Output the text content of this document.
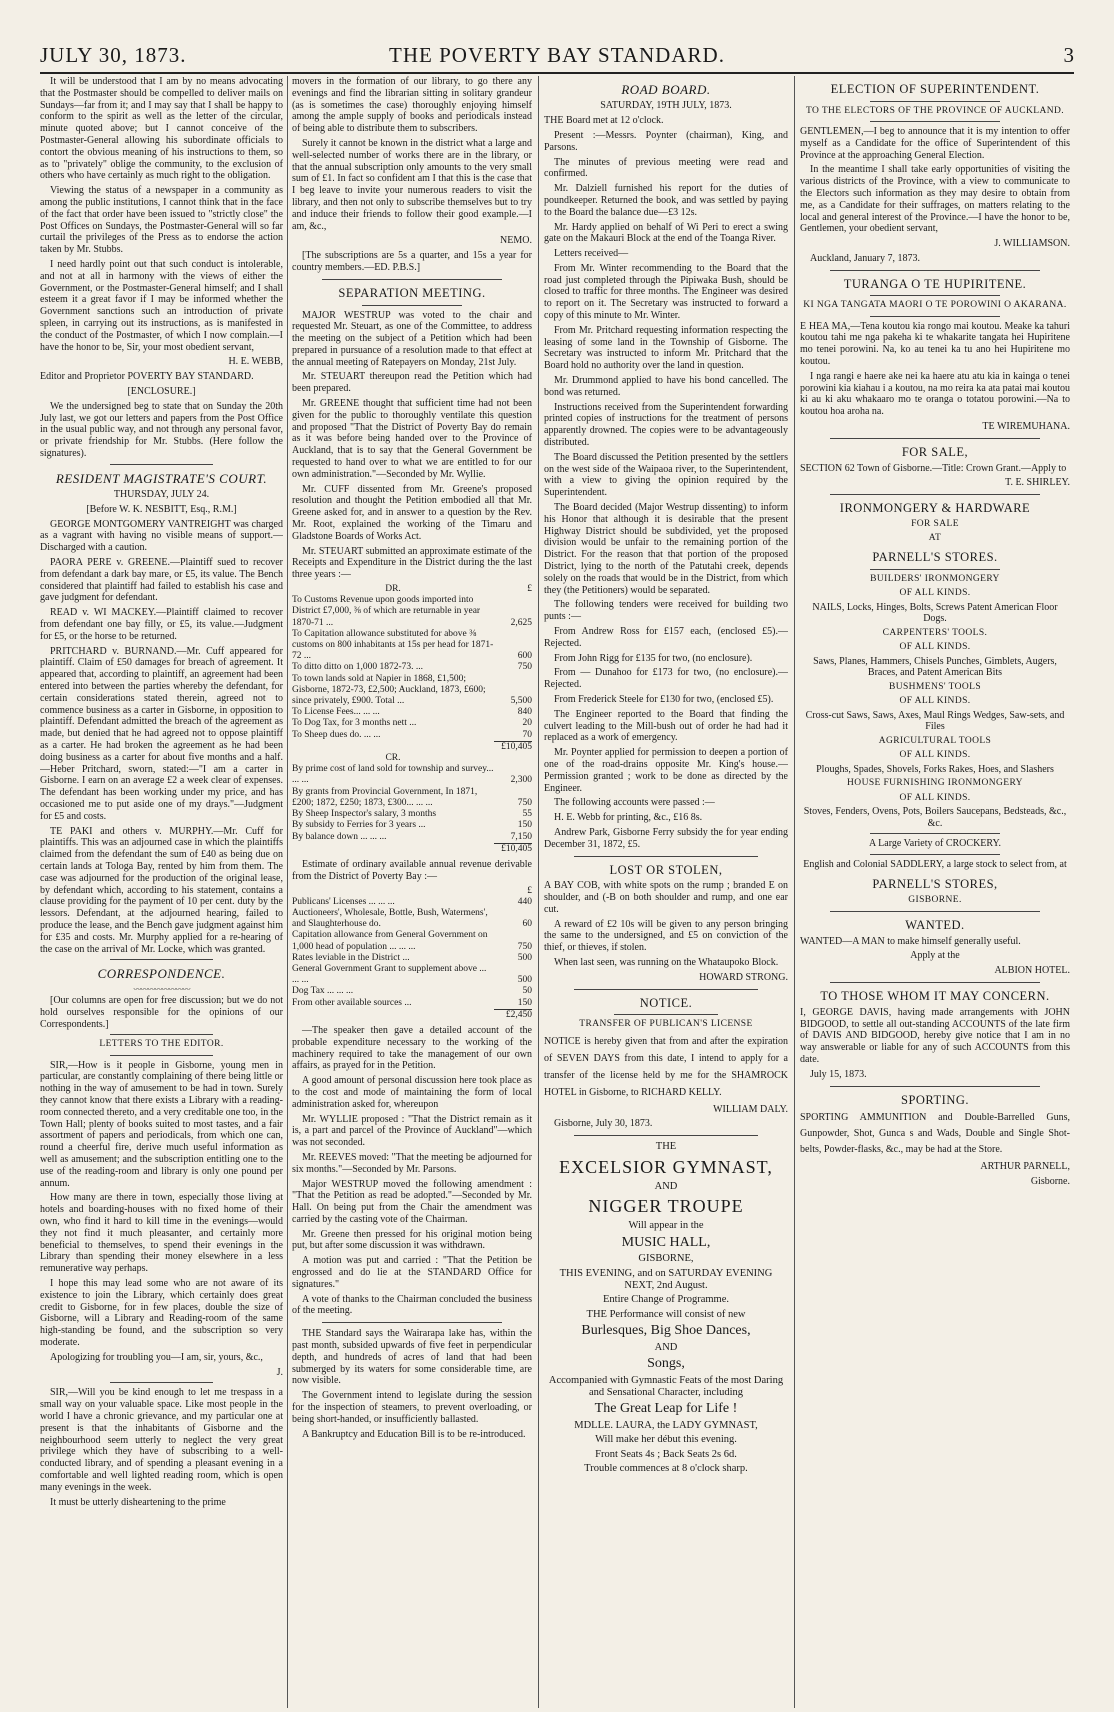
JULY 30, 1873.	THE POVERTY BAY STANDARD.	3

It will be understood that I am by no means advocating that the Postmaster should be compelled to deliver mails on Sundays—far from it; and I may say that I shall be happy to conform to the spirit as well as the letter of the circular, minute quoted above; but I cannot conceive of the Postmaster-General allowing his subordinate officials to contort the obvious meaning of his instructions to them, so as to "privately" oblige the community, to the exclusion of others who have certainly as much right to the obligation.

Viewing the status of a newspaper in a community as among the public institutions, I cannot think that in the face of the fact that order have been issued to "strictly close" the Post Offices on Sundays, the Postmaster-General will so far curtail the privileges of the Press as to endorse the action taken by Mr. Stubbs.

I need hardly point out that such conduct is intolerable, and not at all in harmony with the views of either the Government, or the Postmaster-General himself; and I shall esteem it a great favor if I may be informed whether the Government sanctions such an introduction of private spleen, in carrying out its instructions, as is manifested in the conduct of the Postmaster, of which I now complain.—I have the honor to be, Sir, your most obedient servant,

H. E. WEBB,

Editor and Proprietor POVERTY BAY STANDARD.

[ENCLOSURE.]

We the undersigned beg to state that on Sunday the 20th July last, we got our letters and papers from the Post Office in the usual public way, and not through any personal favor, or private friendship for Mr. Stubbs. (Here follow the signatures).

RESIDENT MAGISTRATE'S COURT.

THURSDAY, JULY 24.

[Before W. K. NESBITT, Esq., R.M.]

GEORGE MONTGOMERY VANTREIGHT was charged as a vagrant with having no visible means of support.—Discharged with a caution.

PAORA PERE v. GREENE.—Plaintiff sued to recover from defendant a dark bay mare, or £5, its value. The Bench considered that plaintiff had failed to establish his case and gave judgment for defendant.

READ v. WI MACKEY.—Plaintiff claimed to recover from defendant one bay filly, or £5, its value.—Judgment for £5, or the horse to be returned.

PRITCHARD v. BURNAND.—Mr. Cuff appeared for plaintiff. Claim of £50 damages for breach of agreement. It appeared that, according to plaintiff, an agreement had been entered into between the parties whereby the defendant, for certain considerations stated therein, agreed not to commence business as a carter in Gisborne, in opposition to plaintiff. Defendant admitted the breach of the agreement as made, but denied that he had agreed not to oppose plaintiff as a carter. He had broken the agreement as he had been doing business as a carter for about five months and a half.—Heber Pritchard, sworn, stated:—"I am a carter in Gisborne. I earn on an average £2 a week clear of expenses. The defendant has been working under my price, and has occasioned me to put aside one of my drays."—Judgment for £5 and costs.

TE PAKI and others v. MURPHY.—Mr. Cuff for plaintiffs. This was an adjourned case in which the plaintiffs claimed from the defendant the sum of £40 as being due on certain lands at Tologa Bay, rented by him from them. The case was adjourned for the production of the original lease, by defendant which, according to his statement, contains a clause providing for the payment of 10 per cent. duty by the lessors. Defendant, at the adjourned hearing, failed to produce the lease, and the Bench gave judgment against him for £35 and costs. Mr. Murphy applied for a re-hearing of the case on the arrival of Mr. Locke, which was granted.

CORRESPONDENCE.
〰〰〰〰〰〰〰〰

[Our columns are open for free discussion; but we do not hold ourselves responsible for the opinions of our Correspondents.]

LETTERS TO THE EDITOR.

SIR,—How is it people in Gisborne, young men in particular, are constantly complaining of there being little or nothing in the way of amusement to be had in town. Surely they cannot know that there exists a Library with a reading-room connected thereto, and a very creditable one too, in the Town Hall; plenty of books suited to most tastes, and a fair assortment of papers and periodicals, from which one can, round a cheerful fire, derive much useful information as well as amusement; and the subscription entitling one to the use of the reading-room and library is only one pound per annum.

How many are there in town, especially those living at hotels and boarding-houses with no fixed home of their own, who find it hard to kill time in the evenings—would they not find it much pleasanter, and certainly more beneficial to themselves, to spend their evenings in the Library than spending their money elsewhere in a less remunerative way perhaps.

I hope this may lead some who are not aware of its existence to join the Library, which certainly does great credit to Gisborne, for in few places, double the size of Gisborne, will a Library and Reading-room of the same high-standing be found, and the subscription so very moderate.

Apologizing for troubling you—I am, sir, yours, &c.,

J.

SIR,—Will you be kind enough to let me trespass in a small way on your valuable space. Like most people in the world I have a chronic grievance, and my particular one at present is that the inhabitants of Gisborne and the neighbourhood seem utterly to neglect the very great privilege which they have of subscribing to a well-conducted library, and of spending a pleasant evening in a comfortable and well lighted reading room, which is open many evenings in the week.

It must be utterly disheartening to the prime

movers in the formation of our library, to go there any evenings and find the librarian sitting in solitary grandeur (as is sometimes the case) thoroughly enjoying himself among the ample supply of books and periodicals instead of being able to distribute them to subscribers.

Surely it cannot be known in the district what a large and well-selected number of works there are in the library, or that the annual subscription only amounts to the very small sum of £1. In fact so confident am I that this is the case that I beg leave to invite your numerous readers to visit the library, and then not only to subscribe themselves but to try and induce their friends to follow their good example.—I am, &c.,

NEMO.

[The subscriptions are 5s a quarter, and 15s a year for country members.—ED. P.B.S.]

SEPARATION MEETING.

MAJOR WESTRUP was voted to the chair and requested Mr. Steuart, as one of the Committee, to address the meeting on the subject of a Petition which had been prepared in pursuance of a resolution made to that effect at the annual meeting of Ratepayers on Monday, 21st July.

Mr. STEUART thereupon read the Petition which had been prepared.

Mr. GREENE thought that sufficient time had not been given for the public to thoroughly ventilate this question and proposed "That the District of Poverty Bay do remain as it was before being handed over to the Province of Auckland, that is to say that the General Government be requested to hand over to what we are entitled to for our own administration."—Seconded by Mr. Wyllie.

Mr. CUFF dissented from Mr. Greene's proposed resolution and thought the Petition embodied all that Mr. Greene asked for, and in answer to a question by the Rev. Mr. Root, explained the working of the Timaru and Gladstone Boards of Works Act.

Mr. STEUART submitted an approximate estimate of the Receipts and Expenditure in the District during the the last three years :—

DR.	£
To Customs Revenue upon goods imported into District £7,000, ⅜ of which are returnable in year 1870-71 ...	2,625
To Capitation allowance substituted for above ⅜ customs on 800 inhabitants at 15s per head for 1871-72 ...	600
To ditto ditto on 1,000 1872-73. ...	750
To town lands sold at Napier in 1868, £1,500; Gisborne, 1872-73, £2,500; Auckland, 1873, £600; since privately, £900. Total ...	5,500
To License Fees... ... ...	840
To Dog Tax, for 3 months nett ...	20
To Sheep dues do. ... ...	70
	£10,405
CR.	
By prime cost of land sold for township and survey... ... ...	2,300
By grants from Provincial Government, In 1871, £200; 1872, £250; 1873, £300... ... ...	750
By Sheep Inspector's salary, 3 months	55
By subsidy to Ferries for 3 years ...	150
By balance down ... ... ...	7,150
	£10,405

Estimate of ordinary available annual revenue derivable from the District of Poverty Bay :—

	£
Publicans' Licenses ... ... ...	440
Auctioneers', Wholesale, Bottle, Bush, Watermens', and Slaughterhouse do.	60
Capitation allowance from General Government on 1,000 head of population ... ... ...	750
Rates leviable in the District ...	500
General Government Grant to supplement above ... ... ...	500
Dog Tax ... ... ...	50
From other available sources ...	150
	£2,450

—The speaker then gave a detailed account of the probable expenditure necessary to the working of the machinery required to take the management of our own affairs, as prayed for in the Petition.

A good amount of personal discussion here took place as to the cost and mode of maintaining the form of local administration asked for, whereupon

Mr. WYLLIE proposed : "That the District remain as it is, a part and parcel of the Province of Auckland"—which was not seconded.

Mr. REEVES moved: "That the meeting be adjourned for six months."—Seconded by Mr. Parsons.

Major WESTRUP moved the following amendment : "That the Petition as read be adopted."—Seconded by Mr. Hall. On being put from the Chair the amendment was carried by the casting vote of the Chairman.

Mr. Greene then pressed for his original motion being put, but after some discussion it was withdrawn.

A motion was put and carried : "That the Petition be engrossed and do lie at the STANDARD Office for signatures."

A vote of thanks to the Chairman concluded the business of the meeting.

THE Standard says the Wairarapa lake has, within the past month, subsided upwards of five feet in perpendicular depth, and hundreds of acres of land that had been submerged by its waters for some considerable time, are now visible.

The Government intend to legislate during the session for the inspection of steamers, to prevent overloading, or being short-handed, or insufficiently ballasted.

A Bankruptcy and Education Bill is to be re-introduced.

ROAD BOARD.

SATURDAY, 19TH JULY, 1873.

THE Board met at 12 o'clock.

Present :—Messrs. Poynter (chairman), King, and Parsons.

The minutes of previous meeting were read and confirmed.

Mr. Dalziell furnished his report for the duties of poundkeeper. Returned the book, and was settled by paying to the Board the balance due—£3 12s.

Mr. Hardy applied on behalf of Wi Peri to erect a swing gate on the Makauri Block at the end of the Toanga River.

Letters received—

From Mr. Winter recommending to the Board that the road just completed through the Pipiwaka Bush, should be closed to traffic for three months. The Engineer was desired to report on it. The Secretary was instructed to forward a copy of this minute to Mr. Winter.

From Mr. Pritchard requesting information respecting the leasing of some land in the Township of Gisborne. The Secretary was instructed to inform Mr. Pritchard that the Board hold no authority over the land in question.

Mr. Drummond applied to have his bond cancelled. The bond was returned.

Instructions received from the Superintendent forwarding printed copies of instructions for the treatment of persons apparently drowned. The copies were to be advantageously distributed.

The Board discussed the Petition presented by the settlers on the west side of the Waipaoa river, to the Superintendent, with a view to giving the opinion required by the Superintendent.

The Board decided (Major Westrup dissenting) to inform his Honor that although it is desirable that the present Highway District should be subdivided, yet the proposed division would be unfair to the remaining portion of the District. For the reason that that portion of the proposed District, lying to the north of the Patutahi creek, depends solely on the roads that would be in the District, from which they (the Petitioners) would be separated.

The following tenders were received for building two punts :—

From Andrew Ross for £157 each, (enclosed £5).—Rejected.

From John Rigg for £135 for two, (no enclosure).

From — Dunahoo for £173 for two, (no enclosure).—Rejected.

From Frederick Steele for £130 for two, (enclosed £5).

The Engineer reported to the Board that finding the culvert leading to the Mill-bush out of order he had had it replaced as a work of emergency.

Mr. Poynter applied for permission to deepen a portion of one of the road-drains opposite Mr. King's house.—Permission granted ; work to be done as directed by the Engineer.

The following accounts were passed :—

H. E. Webb for printing, &c., £16 8s.

Andrew Park, Gisborne Ferry subsidy the for year ending December 31, 1872, £5.

LOST OR STOLEN,

A BAY COB, with white spots on the rump ; branded E on shoulder, and (-B on both shoulder and rump, and one ear cut.

A reward of £2 10s will be given to any person bringing the same to the undersigned, and £5 on conviction of the thief, or thieves, if stolen.

When last seen, was running on the Whataupoko Block.

HOWARD STRONG.

NOTICE.
TRANSFER OF PUBLICAN'S LICENSE

NOTICE is hereby given that from and after the expiration of SEVEN DAYS from this date, I intend to apply for a transfer of the license held by me for the SHAMROCK HOTEL in Gisborne, to RICHARD KELLY.

WILLIAM DALY.

Gisborne, July 30, 1873.

THE
EXCELSIOR GYMNAST,
AND
NIGGER TROUPE
Will appear in the
MUSIC HALL,
GISBORNE,
THIS EVENING, and on SATURDAY EVENING NEXT, 2nd August.
Entire Change of Programme.
THE Performance will consist of new
Burlesques, Big Shoe Dances,
AND
Songs,
Accompanied with Gymnastic Feats of the most Daring and Sensational Character, including
The Great Leap for Life !
MDLLE. LAURA, the LADY GYMNAST,
Will make her début this evening.
Front Seats 4s ; Back Seats 2s 6d.
Trouble commences at 8 o'clock sharp.
ELECTION OF SUPERINTENDENT.
TO THE ELECTORS OF THE PROVINCE OF AUCKLAND.

GENTLEMEN,—I beg to announce that it is my intention to offer myself as a Candidate for the office of Superintendent of this Province at the approaching General Election.

In the meantime I shall take early opportunities of visiting the various districts of the Province, with a view to communicate to the Electors such information as they may desire to obtain from me, as a Candidate for their suffrages, on matters relating to the local and general interest of the Province.—I have the honor to be, Gentlemen, your obedient servant,

J. WILLIAMSON.

Auckland, January 7, 1873.

TURANGA O TE HUPIRITENE.
KI NGA TANGATA MAORI O TE POROWINI O AKARANA.

E HEA MA,—Tena koutou kia rongo mai koutou. Meake ka tahuri koutou tahi me nga pakeha ki te whakarite tangata hei Hupiritene mo tenei porowini. Na, ko au tenei ka tu ano hei Hupiritene mo koutou.

I nga rangi e haere ake nei ka haere atu atu kia in kainga o tenei porowini kia kiahau i a koutou, na mo reira ka ata patai mai koutou ki au ki aku whakaaro mo te oranga o totatou porowini.—Na to koutou hoa aroha na.

TE WIREMUHANA.

FOR SALE,

SECTION 62 Town of Gisborne.—Title: Crown Grant.—Apply to

T. E. SHIRLEY.

IRONMONGERY & HARDWARE
FOR SALE
AT
PARNELL'S STORES.
BUILDERS' IRONMONGERY
OF ALL KINDS.

NAILS, Locks, Hinges, Bolts, Screws Patent American Floor Dogs.

CARPENTERS' TOOLS.
OF ALL KINDS.

Saws, Planes, Hammers, Chisels Punches, Gimblets, Augers, Braces, and Patent American Bits

BUSHMENS' TOOLS
OF ALL KINDS.

Cross-cut Saws, Saws, Axes, Maul Rings Wedges, Saw-sets, and Files

AGRICULTURAL TOOLS
OF ALL KINDS.

Ploughs, Spades, Shovels, Forks Rakes, Hoes, and Slashers

HOUSE FURNISHING IRONMONGERY
OF ALL KINDS.

Stoves, Fenders, Ovens, Pots, Boilers Saucepans, Bedsteads, &c., &c.

A Large Variety of CROCKERY.

English and Colonial SADDLERY, a large stock to select from, at

PARNELL'S STORES,
GISBORNE.
WANTED.

WANTED—A MAN to make himself generally useful.

Apply at the

ALBION HOTEL.

TO THOSE WHOM IT MAY CONCERN.

I, GEORGE DAVIS, having made arrangements with JOHN BIDGOOD, to settle all out-standing ACCOUNTS of the late firm of DAVIS AND BIDGOOD, hereby give notice that I am in no way answerable or liable for any of such ACCOUNTS from this date.

July 15, 1873.

SPORTING.

SPORTING AMMUNITION and Double-Barrelled Guns, Gunpowder, Shot, Gunca s and Wads, Double and Single Shot-belts, Powder-flasks, &c., may be had at the Store.

ARTHUR PARNELL,

Gisborne.
